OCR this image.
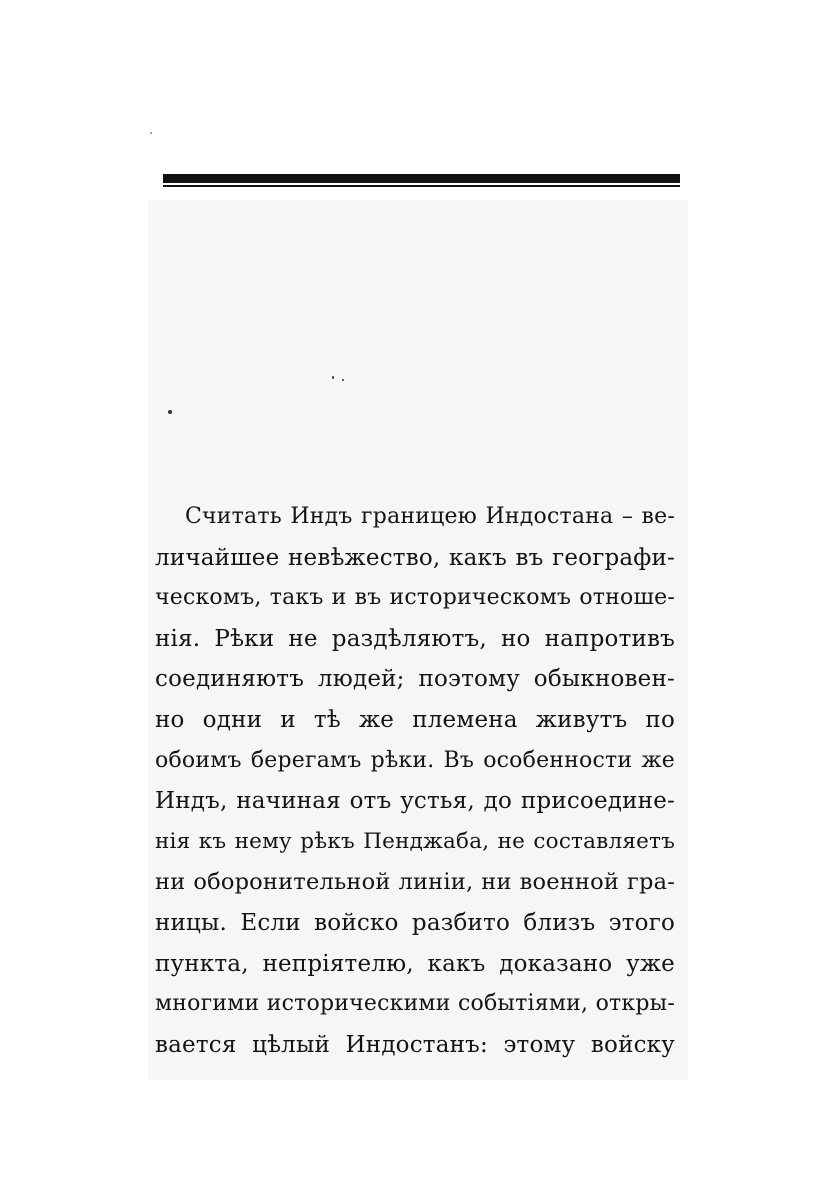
Считать Индъ границею Индостана – ве-
личайшее невѣжество, какъ въ географи-
ческомъ, такъ и въ историческомъ отноше-
нія. Рѣки не раздѣляютъ, но напротивъ
соединяютъ людей; поэтому обыкновен-
но одни и тѣ же племена живутъ по
обоимъ берегамъ рѣки. Въ особенности же
Индъ, начиная отъ устья, до присоедине-
нія къ нему рѣкъ Пенджаба, не составляетъ
ни оборонительной линіи, ни военной гра-
ницы. Если войско разбито близъ этого
пункта, непріятелю, какъ доказано уже
многими историческими событіями, откры-
вается цѣлый Индостанъ: этому войску
